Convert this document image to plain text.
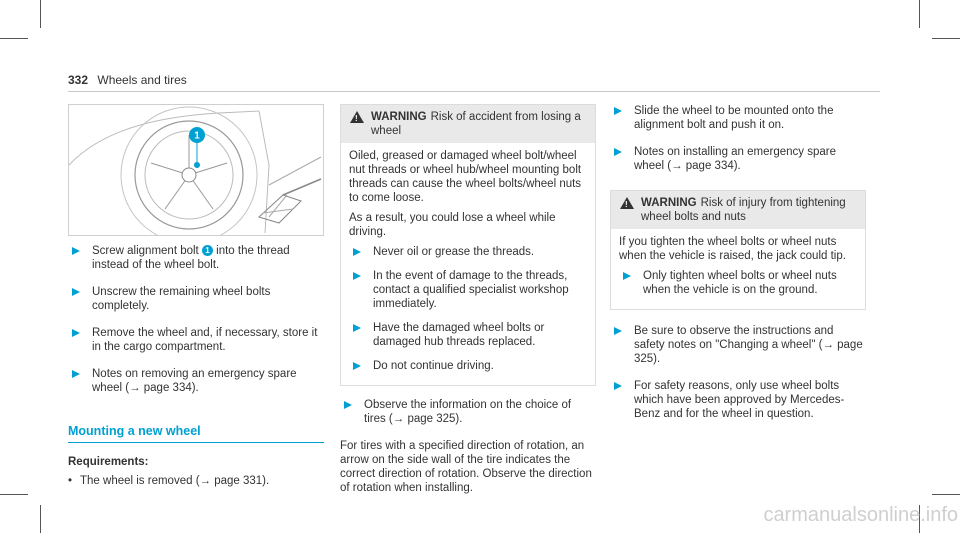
332 Wheels and tires
1
Screw alignment bolt 1 into the thread instead of the wheel bolt.
Unscrew the remaining wheel bolts completely.
Remove the wheel and, if necessary, store it in the cargo compartment.
Notes on removing an emergency spare wheel (→ page 334).
Mounting a new wheel
Requirements:
• The wheel is removed (→ page 331).
!
WARNING Risk of accident from losing a wheel

Oiled, greased or damaged wheel bolt/wheel nut threads or wheel hub/wheel mounting bolt threads can cause the wheel bolts/wheel nuts to come loose.

As a result, you could lose a wheel while driving.

Never oil or grease the threads.
In the event of damage to the threads, contact a qualified specialist workshop immediately.
Have the damaged wheel bolts or damaged hub threads replaced.
Do not continue driving.
Observe the information on the choice of tires (→ page 325).
For tires with a specified direction of rotation, an arrow on the side wall of the tire indicates the correct direction of rotation. Observe the direction of rotation when installing.
Slide the wheel to be mounted onto the alignment bolt and push it on.
Notes on installing an emergency spare wheel (→ page 334).
!
WARNING Risk of injury from tightening wheel bolts and nuts

If you tighten the wheel bolts or wheel nuts when the vehicle is raised, the jack could tip.

Only tighten wheel bolts or wheel nuts when the vehicle is on the ground.
Be sure to observe the instructions and safety notes on "Changing a wheel" (→ page 325).
For safety reasons, only use wheel bolts which have been approved by Mercedes-Benz and for the wheel in question.
carmanualsonline.info
